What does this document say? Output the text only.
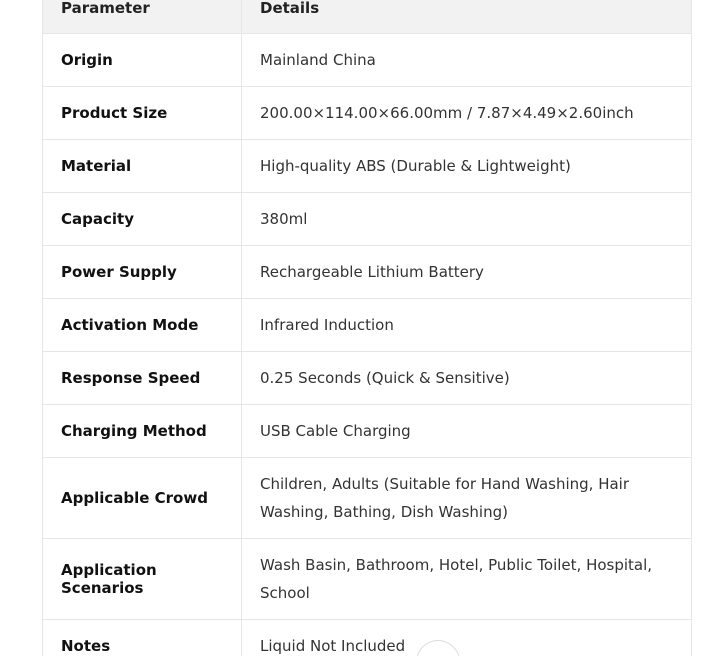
Parameter	Details
Origin	Mainland China
Product Size	200.00×114.00×66.00mm / 7.87×4.49×2.60inch
Material	High-quality ABS (Durable & Lightweight)
Capacity	380ml
Power Supply	Rechargeable Lithium Battery
Activation Mode	Infrared Induction
Response Speed	0.25 Seconds (Quick & Sensitive)
Charging Method	USB Cable Charging
Applicable Crowd	Children, Adults (Suitable for Hand Washing, Hair Washing, Bathing, Dish Washing)
Application Scenarios	Wash Basin, Bathroom, Hotel, Public Toilet, Hospital, School
Notes	Liquid Not Included
